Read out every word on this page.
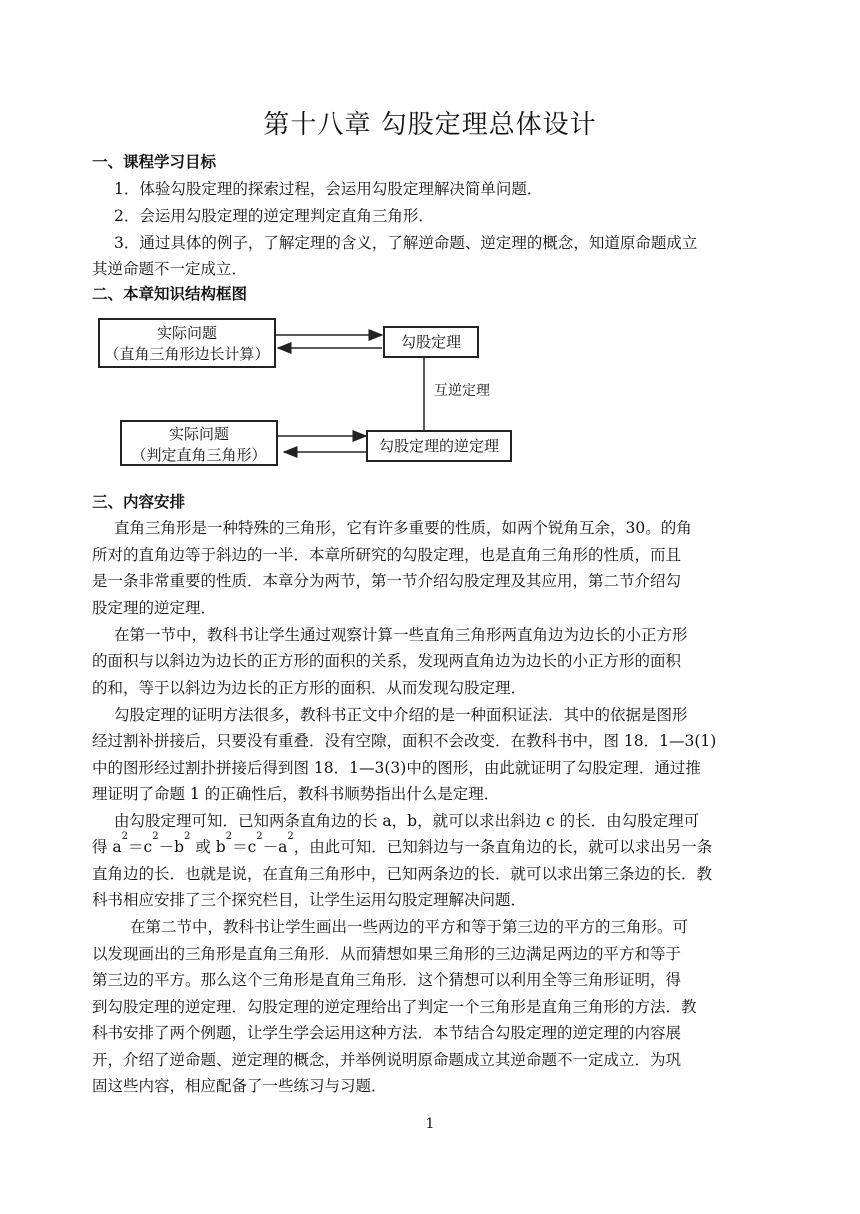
第十八章 勾股定理总体设计
一、课程学习目标
1．体验勾股定理的探索过程，会运用勾股定理解决简单问题．
2．会运用勾股定理的逆定理判定直角三角形．
3．通过具体的例子，了解定理的含义，了解逆命题、逆定理的概念，知道原命题成立
其逆命题不一定成立．
二、本章知识结构框图
实际问题
（直角三角形边长计算）
勾股定理
互逆定理
实际问题
（判定直角三角形）	勾股定理的逆定理
三、内容安排
直角三角形是一种特殊的三角形，它有许多重要的性质，如两个锐角互余，30。的角
所对的直角边等于斜边的一半．本章所研究的勾股定理，也是直角三角形的性质，而且
是一条非常重要的性质．本章分为两节，第一节介绍勾股定理及其应用，第二节介绍勾
股定理的逆定理．
在第一节中，教科书让学生通过观察计算一些直角三角形两直角边为边长的小正方形
的面积与以斜边为边长的正方形的面积的关系，发现两直角边为边长的小正方形的面积
的和，等于以斜边为边长的正方形的面积．从而发现勾股定理．
勾股定理的证明方法很多，教科书正文中介绍的是一种面积证法．其中的依据是图形
经过割补拼接后，只要没有重叠．没有空隙，面积不会改变．在教科书中，图 18．1—3(1)
中的图形经过割扑拼接后得到图 18．1—3(3)中的图形，由此就证明了勾股定理．通过推
理证明了命题 1 的正确性后，教科书顺势指出什么是定理．
由勾股定理可知．已知两条直角边的长 a，b，就可以求出斜边 c 的长．由勾股定理可
得 $a^2=c^2-b^2$ 或 $b^2=c^2-a^2$，由此可知．已知斜边与一条直角边的长，就可以求出另一条
直角边的长．也就是说，在直角三角形中，已知两条边的长．就可以求出第三条边的长．教
科书相应安排了三个探究栏目，让学生运用勾股定理解决问题．
在第二节中，教科书让学生画出一些两边的平方和等于第三边的平方的三角形。可
以发现画出的三角形是直角三角形．从而猜想如果三角形的三边满足两边的平方和等于
第三边的平方。那么这个三角形是直角三角形．这个猜想可以利用全等三角形证明，得
到勾股定理的逆定理．勾股定理的逆定理给出了判定一个三角形是直角三角形的方法．教
科书安排了两个例题，让学生学会运用这种方法．本节结合勾股定理的逆定理的内容展
开，介绍了逆命题、逆定理的概念，并举例说明原命题成立其逆命题不一定成立．为巩
固这些内容，相应配备了一些练习与习题．
1
